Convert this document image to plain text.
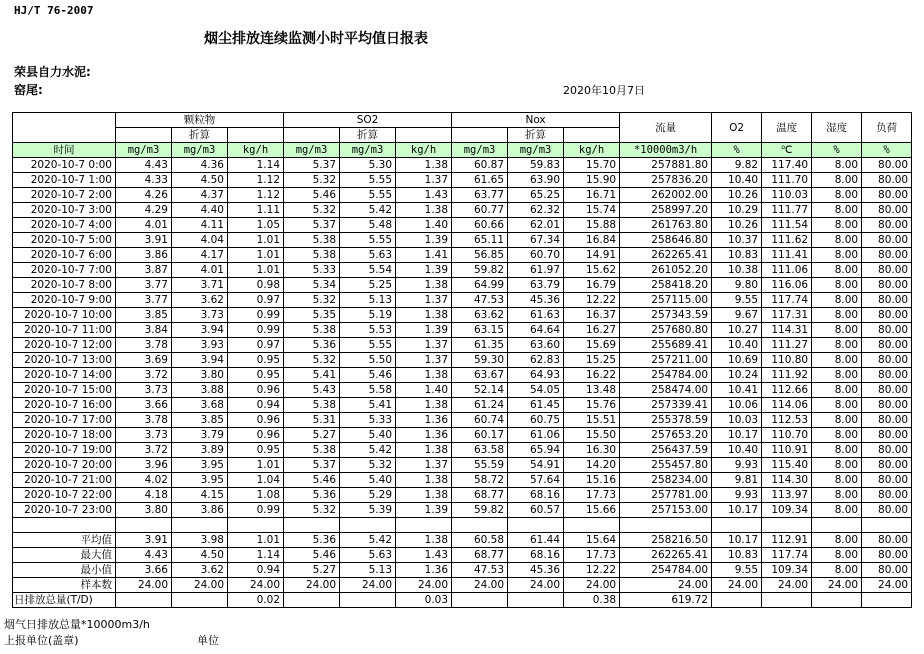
HJ/T 76-2007
烟尘排放连续监测小时平均值日报表
荣县自力水泥:
窑尾:	2020年10月7日
	颗粒物			SO2			Nox			流量	O2	温度	湿度	负荷
		折算			折算			折算						
时间	mg/m3	mg/m3	kg/h	mg/m3	mg/m3	kg/h	mg/m3	mg/m3	kg/h	*10000m3/h	%	℃	%	%
2020-10-7 0:00	4.43	4.36	1.14	5.37	5.30	1.38	60.87	59.83	15.70	257881.80	9.82	117.40	8.00	80.00
2020-10-7 1:00	4.33	4.50	1.12	5.32	5.55	1.37	61.65	63.90	15.90	257836.20	10.40	111.70	8.00	80.00
2020-10-7 2:00	4.26	4.37	1.12	5.46	5.55	1.43	63.77	65.25	16.71	262002.00	10.26	110.03	8.00	80.00
2020-10-7 3:00	4.29	4.40	1.11	5.32	5.42	1.38	60.77	62.32	15.74	258997.20	10.29	111.77	8.00	80.00
2020-10-7 4:00	4.01	4.11	1.05	5.37	5.48	1.40	60.66	62.01	15.88	261763.80	10.26	111.54	8.00	80.00
2020-10-7 5:00	3.91	4.04	1.01	5.38	5.55	1.39	65.11	67.34	16.84	258646.80	10.37	111.62	8.00	80.00
2020-10-7 6:00	3.86	4.17	1.01	5.38	5.63	1.41	56.85	60.70	14.91	262265.41	10.83	111.41	8.00	80.00
2020-10-7 7:00	3.87	4.01	1.01	5.33	5.54	1.39	59.82	61.97	15.62	261052.20	10.38	111.06	8.00	80.00
2020-10-7 8:00	3.77	3.71	0.98	5.34	5.25	1.38	64.99	63.79	16.79	258418.20	9.80	116.06	8.00	80.00
2020-10-7 9:00	3.77	3.62	0.97	5.32	5.13	1.37	47.53	45.36	12.22	257115.00	9.55	117.74	8.00	80.00
2020-10-7 10:00	3.85	3.73	0.99	5.35	5.19	1.38	63.62	61.63	16.37	257343.59	9.67	117.31	8.00	80.00
2020-10-7 11:00	3.84	3.94	0.99	5.38	5.53	1.39	63.15	64.64	16.27	257680.80	10.27	114.31	8.00	80.00
2020-10-7 12:00	3.78	3.93	0.97	5.36	5.55	1.37	61.35	63.60	15.69	255689.41	10.40	111.27	8.00	80.00
2020-10-7 13:00	3.69	3.94	0.95	5.32	5.50	1.37	59.30	62.83	15.25	257211.00	10.69	110.80	8.00	80.00
2020-10-7 14:00	3.72	3.80	0.95	5.41	5.46	1.38	63.67	64.93	16.22	254784.00	10.24	111.92	8.00	80.00
2020-10-7 15:00	3.73	3.88	0.96	5.43	5.58	1.40	52.14	54.05	13.48	258474.00	10.41	112.66	8.00	80.00
2020-10-7 16:00	3.66	3.68	0.94	5.38	5.41	1.38	61.24	61.45	15.76	257339.41	10.06	114.06	8.00	80.00
2020-10-7 17:00	3.78	3.85	0.96	5.31	5.33	1.36	60.74	60.75	15.51	255378.59	10.03	112.53	8.00	80.00
2020-10-7 18:00	3.73	3.79	0.96	5.27	5.40	1.36	60.17	61.06	15.50	257653.20	10.17	110.70	8.00	80.00
2020-10-7 19:00	3.72	3.89	0.95	5.38	5.42	1.38	63.58	65.94	16.30	256437.59	10.40	110.91	8.00	80.00
2020-10-7 20:00	3.96	3.95	1.01	5.37	5.32	1.37	55.59	54.91	14.20	255457.80	9.93	115.40	8.00	80.00
2020-10-7 21:00	4.02	3.95	1.04	5.46	5.40	1.38	58.72	57.64	15.16	258234.00	9.81	114.30	8.00	80.00
2020-10-7 22:00	4.18	4.15	1.08	5.36	5.29	1.38	68.77	68.16	17.73	257781.00	9.93	113.97	8.00	80.00
2020-10-7 23:00	3.80	3.86	0.99	5.32	5.39	1.39	59.82	60.57	15.66	257153.00	10.17	109.34	8.00	80.00

平均值	3.91	3.98	1.01	5.36	5.42	1.38	60.58	61.44	15.64	258216.50	10.17	112.91	8.00	80.00
最大值	4.43	4.50	1.14	5.46	5.63	1.43	68.77	68.16	17.73	262265.41	10.83	117.74	8.00	80.00
最小值	3.66	3.62	0.94	5.27	5.13	1.36	47.53	45.36	12.22	254784.00	9.55	109.34	8.00	80.00
样本数	24.00	24.00	24.00	24.00	24.00	24.00	24.00	24.00	24.00	24.00	24.00	24.00	24.00	24.00
日排放总量(T/D)			0.02			0.03			0.38	619.72				
烟气日排放总量*10000m3/h
上报单位(盖章)	单位
